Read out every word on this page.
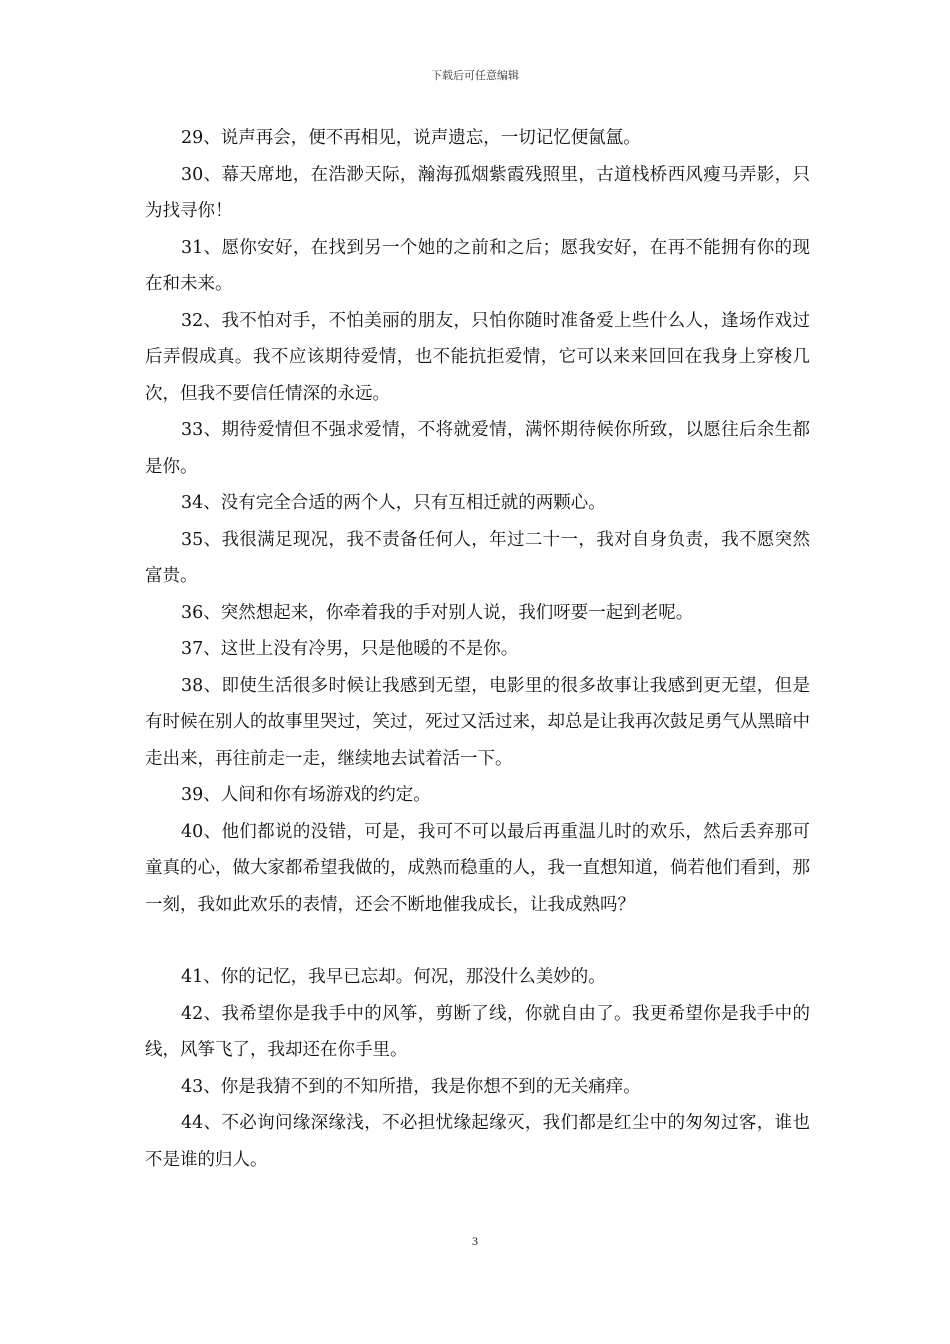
下载后可任意编辑

29、说声再会，便不再相见，说声遗忘，一切记忆便氤氲。

30、幕天席地，在浩渺天际，瀚海孤烟紫霞残照里，古道栈桥西风瘦马弄影，只为找寻你！

31、愿你安好，在找到另一个她的之前和之后；愿我安好，在再不能拥有你的现在和未来。

32、我不怕对手，不怕美丽的朋友，只怕你随时准备爱上些什么人，逢场作戏过后弄假成真。我不应该期待爱情，也不能抗拒爱情，它可以来来回回在我身上穿梭几次，但我不要信任情深的永远。

33、期待爱情但不强求爱情，不将就爱情，满怀期待候你所致，以愿往后余生都是你。

34、没有完全合适的两个人，只有互相迁就的两颗心。

35、我很满足现况，我不责备任何人，年过二十一，我对自身负责，我不愿突然富贵。

36、突然想起来，你牵着我的手对别人说，我们呀要一起到老呢。

37、这世上没有冷男，只是他暖的不是你。

38、即使生活很多时候让我感到无望，电影里的很多故事让我感到更无望，但是有时候在别人的故事里哭过，笑过，死过又活过来，却总是让我再次鼓足勇气从黑暗中走出来，再往前走一走，继续地去试着活一下。

39、人间和你有场游戏的约定。

40、他们都说的没错，可是，我可不可以最后再重温儿时的欢乐，然后丢弃那可童真的心，做大家都希望我做的，成熟而稳重的人，我一直想知道，倘若他们看到，那一刻，我如此欢乐的表情，还会不断地催我成长，让我成熟吗？

41、你的记忆，我早已忘却。何况，那没什么美妙的。

42、我希望你是我手中的风筝，剪断了线，你就自由了。我更希望你是我手中的线，风筝飞了，我却还在你手里。

43、你是我猜不到的不知所措，我是你想不到的无关痛痒。

44、不必询问缘深缘浅，不必担忧缘起缘灭，我们都是红尘中的匆匆过客，谁也不是谁的归人。

3
